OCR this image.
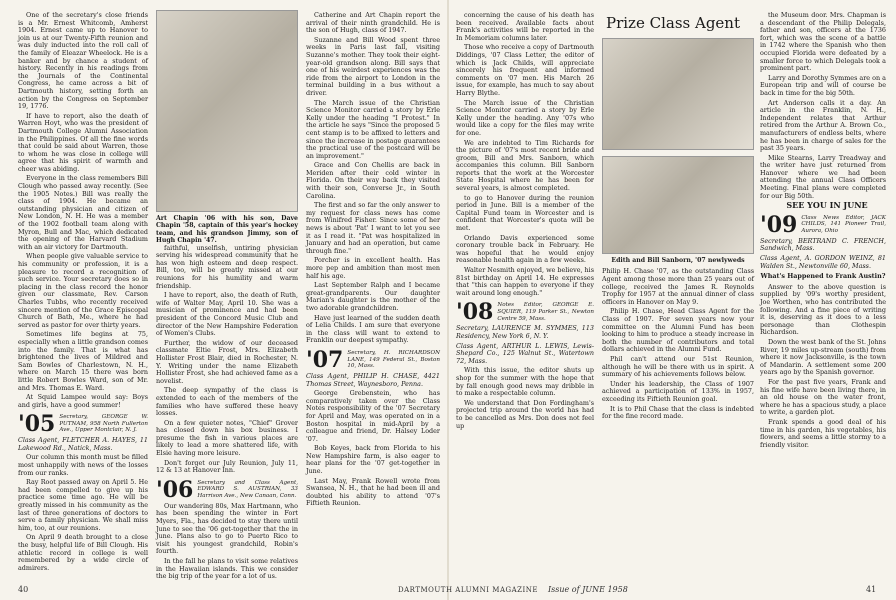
One of the secretary's close friends is a Mr. Ernest Whitcomb, Amherst 1904. Ernest came up to Hanover to join us at our Twenty-Fifth reunion and was duly inducted into the roll call of the family of Eleazar Wheelock. He is a banker and by chance a student of history. Recently in his readings from the Journals of the Continental Congress, he came across a bit of Dartmouth history, setting forth an action by the Congress on September 19, 1776.

If have to report, also the death of Warren Hoyt, who was the president of Dartmouth College Alumni Association in the Philippines. Of all the fine words that could be said about Warren, those to whom he was close in college will agree that his spirit of warmth and cheer was abiding.

Everyone in the class remembers Bill Clough who passed away recently. (See the 1905 Notes.) Bill was really the class of 1904. He became an outstanding physician and citizen of New London, N. H. He was a member of the 1902 football team along with Myron, Bull and Mac, which dedicated the opening of the Harvard Stadium with an air victory for Dartmouth.

When people give valuable service to his community or profession, it is a pleasure to record a recognition of such service. Your secretary does so in placing in the class record the honor given our classmate, Rev. Carson Charles Tubbs, who recently received sincere mention of the Grace Episcopal Church of Bath, Me., where he had served as pastor for over thirty years.

Sometimes life begins at 75, especially when a little grandson comes into the family. That is what has brightened the lives of Mildred and Sam Bowles of Charlestown, N. H., where on March 15 there was born little Robert Bowles Ward, son of Mr. and Mrs. Thomas E. Ward.

At Squid Lampee would say: Boys and girls, have a good summer!

'05 Secretary, GEORGE W. PUTNAM, 958 North Fullerton Ave., Upper Montclair, N. J.

Class Agent, FLETCHER A. HAYES, 11 Lakewood Rd., Natick, Mass.

Our column this month must be filled most unhappily with news of the losses from our ranks.

Ray Root passed away on April 5. He had been compelled to give up his practice some time ago. He will be greatly missed in his community as the last of three generations of doctors to serve a family physician. We shall miss him, too, at our reunions.

On April 9 death brought to a close the busy, helpful life of Bill Clough. His athletic record in college is well remembered by a wide circle of admirers.

Art Chapin '06 with his son, Dave Chapin '58, captain of this year's hockey team, and his grandson Jimmy, son of Hugh Chapin '47.

faithful, unselfish, untiring physician serving his widespread community that he has won high esteem and deep respect. Bill, too, will be greatly missed at our reunions for his humility and warm friendship.

I have to report, also, the death of Ruth, wife of Walter May, April 10. She was a musician of prominence and had been president of the Concord Music Club and director of the New Hampshire Federation of Women's Clubs.

Further, the widow of our deceased classmate Eltie Frost, Mrs. Elizabeth Hollister Frost Blair, died in Rochester, N. Y. Writing under the name Elizabeth Hollister Frost, she had achieved fame as a novelist.

The deep sympathy of the class is extended to each of the members of the families who have suffered these heavy losses.

On a few quieter notes, "Chief" Grover has closed down his box business. I presume the fish in various places are likely to lead a more shattered life, with Elsie having more leisure.

Don't forget our July Reunion, July 11, 12 & 13 at Hanover Inn.

'06 Secretary and Class Agent, EDWARD S. AUSTRIAN, 33 Harrison Ave., New Canaan, Conn.

Our wandering 80s, Max Hartmann, who has been spending the winter in Fort Myers, Fla., has decided to stay there until June to see the '06 get-together that the in June. Plans also to go to Puerto Rico to visit his youngest grandchild, Robin's fourth.

In the fall he plans to visit some relatives in the Hawaiian islands. This we consider the big trip of the year for a lot of us.

Catherine and Art Chapin report the arrival of their ninth grandchild. He is the son of Hugh, class of 1947.

Suzanne and Bill Wood spent three weeks in Paris last fall, visiting Suzanne's mother. They took their eight-year-old grandson along. Bill says that one of his weirdest experiences was the ride from the airport to London in the terminal building in a bus without a driver.

The March issue of the Christian Science Monitor carried a story by Erle Kelly under the heading "I Protest." In the article he says "Since the proposed 5 cent stamp is to be affixed to letters and since the increase in postage guarantees the practical use of the postcard will be an improvement."

Grace and Con Chellis are back in Meriden after their cold winter in Florida. On their way back they visited with their son, Converse Jr., in South Carolina.

The first and so far the only answer to my request for class news has come from Winifred Fisher. Since some of her news is about 'Pat' I want to let you see it as I read it. "Pat was hospitalized in January and had an operation, but came through fine."

Porcher is in excellent health. Has more pep and ambition than most men half his age.

Last September Ralph and I became great-grandparents. Our daughter Marian's daughter is the mother of the two adorable grandchildren.

Have just learned of the sudden death of Lelia Childs. I am sure that everyone in the class will want to extend to Franklin our deepest sympathy.

'07 Secretary, H. RICHARDSON LANE, 149 Federal St., Boston 10, Mass.

Class Agent, PHILIP H. CHASE, 4421 Thomas Street, Waynesboro, Penna.

George Grebenstein, who has comparatively taken over the Class Notes responsibility of the '07 Secretary for April and May, was operated on in a Boston hospital in mid-April by a colleague and friend, Dr. Halsey Loder '07.

Bob Keyes, back from Florida to his New Hampshire farm, is also eager to hear plans for the '07 get-together in June.

Last May, Frank Rowell wrote from Swansea, N. H., that he had been ill and doubted his ability to attend '07's Fiftieth Reunion.

40	DARTMOUTH ALUMNI MAGAZINE

concerning the cause of his death has been received. Available facts about Frank's activities will be reported in the In Memoriam columns later.

Those who receive a copy of Dartmouth Diddings, '07 Class Letter, the editor of which is Jack Childs, will appreciate sincerely his frequent and informed comments on '07 men. His March 26 issue, for example, has much to say about Harry Blythe.

The March issue of the Christian Science Monitor carried a story by Erle Kelly under the heading. Any '07s who would like a copy for the files may write for one.

We are indebted to Tim Richards for the picture of '07's most recent bride and groom, Bill and Mrs. Sanborn, which accompanies this column. Bill Sanborn reports that the work at the Worcester State Hospital where he has been for several years, is almost completed.

to go to Hanover during the reunion period in June. Bill is a member of the Capital Fund team in Worcester and is confident that Worcester's quota will be met.

Orlando Davis experienced some coronary trouble back in February. He was hopeful that he would enjoy reasonable health again in a few weeks.

Walter Nesmith enjoyed, we believe, his 81st birthday on April 14. He expresses that "this can happen to everyone if they wait around long enough."

'08 Notes Editor, GEORGE E. SQUIER, 119 Parker St., Newton Centre 59, Mass.

Secretary, LAURENCE M. SYMMES, 113 Residency, New York 6, N. Y.

Class Agent, ARTHUR L. LEWIS, Lewis-Shepard Co., 125 Walnut St., Watertown 72, Mass.

With this issue, the editor shuts up shop for the summer with the hope that by fall enough good news may dribble in to make a respectable column.

We understand that Don Fordingham's projected trip around the world has had to be cancelled as Mrs. Don does not feel up

Prize Class Agent
Edith and Bill Sanborn, '07 newlyweds

Philip H. Chase '07, as the outstanding Class Agent among those more than 25 years out of college, received the James R. Reynolds Trophy for 1957 at the annual dinner of class officers in Hanover on May 9.

Philip H. Chase, Head Class Agent for the Class of 1907. For seven years now your committee on the Alumni Fund has been looking to him to produce a steady increase in both the number of contributors and total dollars achieved in the Alumni Fund.

Phil can't attend our 51st Reunion, although he will be there with us in spirit. A summary of his achievements follows below.

Under his leadership, the Class of 1907 achieved a participation of 133% in 1957, exceeding its Fiftieth Reunion goal.

It is to Phil Chase that the class is indebted for the fine record made.

the Museum door. Mrs. Chapman is a descendant of the Philip Delegals, father and son, officers at the 1736 fort, which was the scene of a battle in 1742 where the Spanish who then occupied Florida were defeated by a smaller force to which Delegals took a prominent part.

Larry and Dorothy Symmes are on a European trip and will of course be back in time for the big 50th.

Art Anderson calls it a day. An article in the Franklin, N. H., Independent relates that Arthur retired from the Arthur A. Brown Co., manufacturers of endless belts, where he has been in charge of sales for the past 35 years.

Mike Stearns, Larry Treadway and the writer have just returned from Hanover where we had been attending the annual Class Officers Meeting. Final plans were completed for our Big 50th.

SEE YOU IN JUNE

'09 Class News Editor, JACK CHILDS, 141 Pioneer Trail, Aurora, Ohio

Secretary, BERTRAND C. FRENCH, Sandwich, Mass.

Class Agent, A. GORDON WEINZ, 81 Walden St., Newtonville 60, Mass.

What's Happened to Frank Austin?

Answer to the above question is supplied by '09's worthy president, Joe Worthen, who has contributed the following. And a fine piece of writing it is, deserving as it does to a less personage than Clothespin Richardson.

Down the west bank of the St. Johns River, 19 miles up-stream (south) from where it now Jacksonville, is the town of Mandarin. A settlement some 200 years ago by the Spanish governor.

For the past five years, Frank and his fine wife have been living there, in an old house on the water front, where he has a spacious study, a place to write, a garden plot.

Frank spends a good deal of his time in his garden, his vegetables, his flowers, and seems a little stormy to a friendly visitor.

Issue of JUNE 1958	41
